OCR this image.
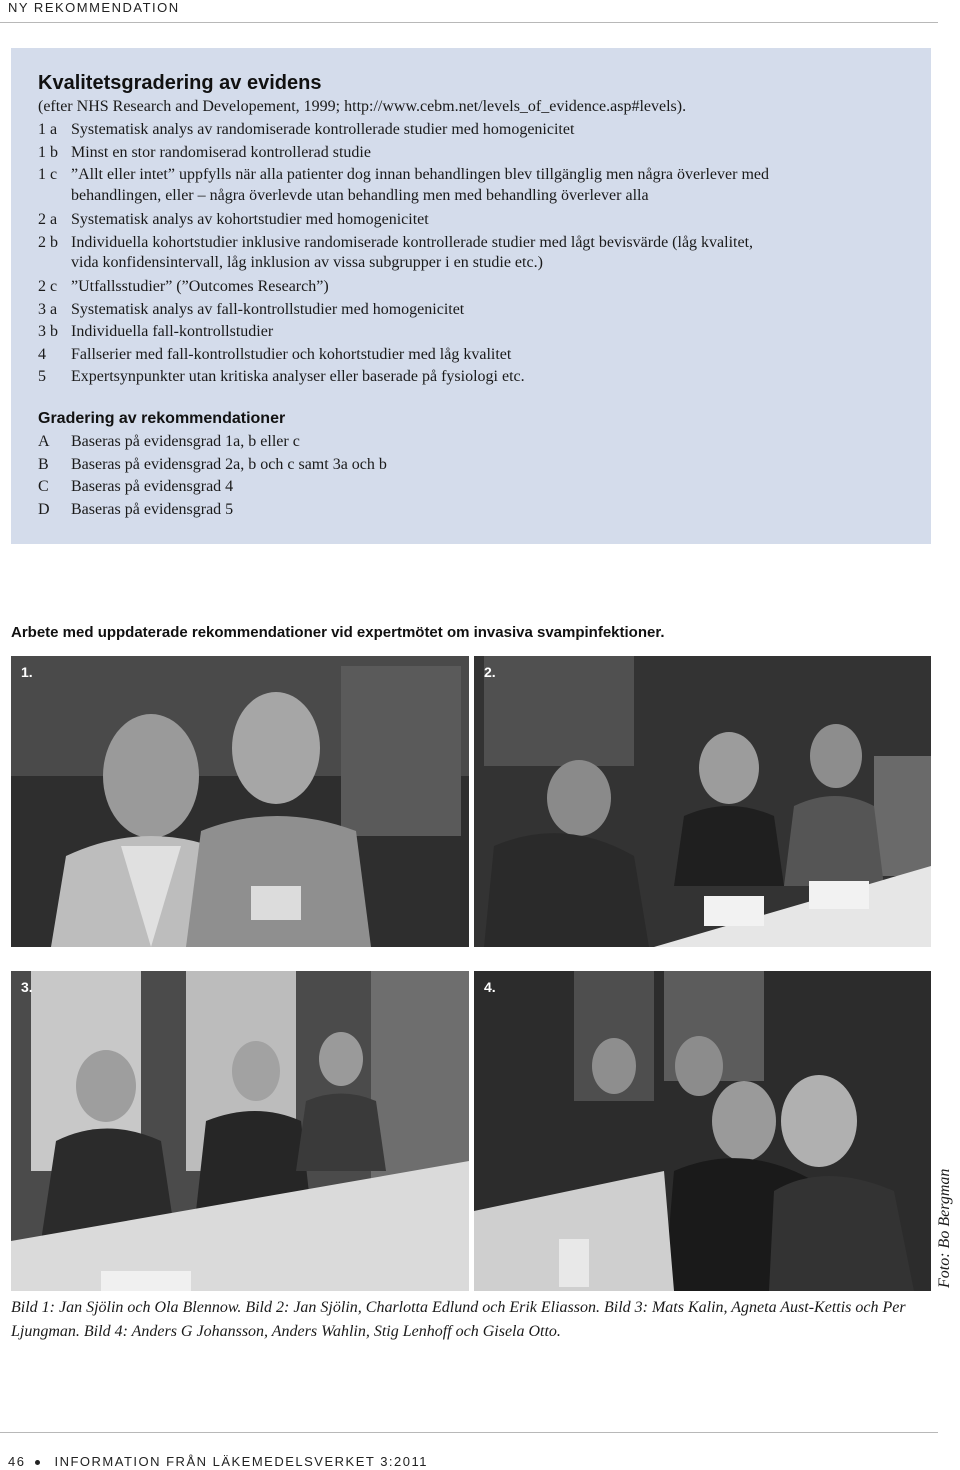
NY REKOMMENDATION
Kvalitetsgradering av evidens
(efter NHS Research and Developement, 1999; http://www.cebm.net/levels_of_evidence.asp#levels).
1 a Systematisk analys av randomiserade kontrollerade studier med homogenicitet
1 b Minst en stor randomiserad kontrollerad studie
1 c ”Allt eller intet” uppfylls när alla patienter dog innan behandlingen blev tillgänglig men några överlever med
behandlingen, eller – några överlevde utan behandling men med behandling överlever alla
2 a Systematisk analys av kohortstudier med homogenicitet
2 b Individuella kohortstudier inklusive randomiserade kontrollerade studier med lågt bevisvärde (låg kvalitet,
vida konfidensintervall, låg inklusion av vissa subgrupper i en studie etc.)
2 c ”Utfallsstudier” (”Outcomes Research”)
3 a Systematisk analys av fall-kontrollstudier med homogenicitet
3 b Individuella fall-kontrollstudier
4 Fallserier med fall-kontrollstudier och kohortstudier med låg kvalitet
5 Expertsynpunkter utan kritiska analyser eller baserade på fysiologi etc.
Gradering av rekommendationer
A Baseras på evidensgrad 1a, b eller c
B Baseras på evidensgrad 2a, b och c samt 3a och b
C Baseras på evidensgrad 4
D Baseras på evidensgrad 5
Arbete med uppdaterade rekommendationer vid expertmötet om invasiva svampinfektioner.
1.	2.
3.	4.
Foto: Bo Bergman
Bild 1: Jan Sjölin och Ola Blennow. Bild 2: Jan Sjölin, Charlotta Edlund och Erik Eliasson. Bild 3: Mats Kalin, Agneta Aust-Kettis och Per Ljungman. Bild 4: Anders G Johansson, Anders Wahlin, Stig Lenhoff och Gisela Otto.
46 INFORMATION FRÅN LÄKEMEDELSVERKET 3:2011
